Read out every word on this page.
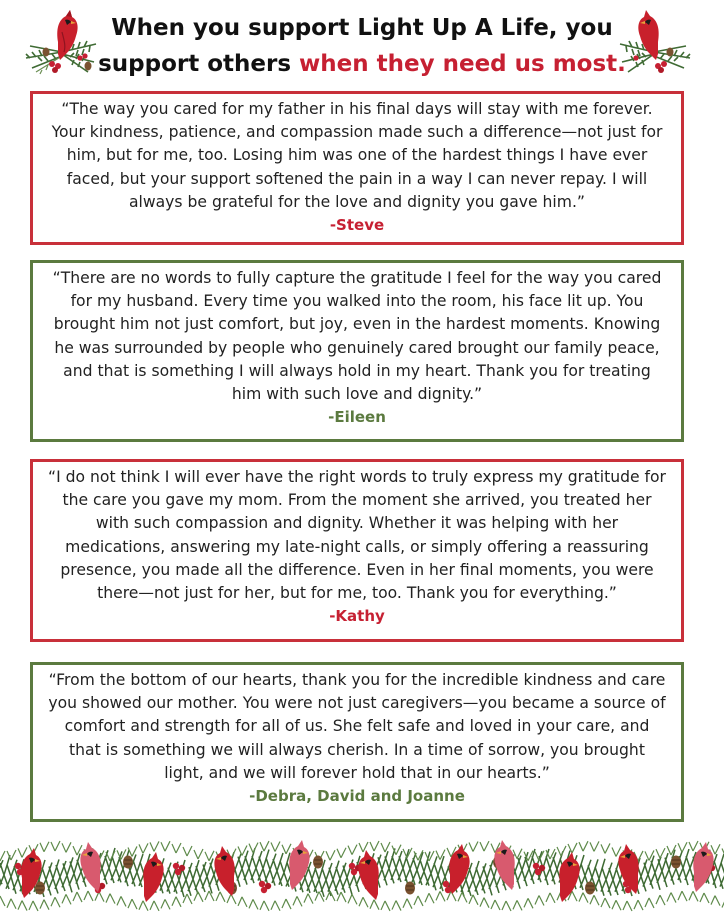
When you support Light Up A Life, you support others when they need us most.

“The way you cared for my father in his final days will stay with me forever. Your kindness, patience, and compassion made such a difference—not just for him, but for me, too. Losing him was one of the hardest things I have ever faced, but your support softened the pain in a way I can never repay. I will always be grateful for the love and dignity you gave him.”

-Steve

“There are no words to fully capture the gratitude I feel for the way you cared for my husband. Every time you walked into the room, his face lit up. You brought him not just comfort, but joy, even in the hardest moments. Knowing he was surrounded by people who genuinely cared brought our family peace, and that is something I will always hold in my heart. Thank you for treating him with such love and dignity.”

-Eileen

“I do not think I will ever have the right words to truly express my gratitude for the care you gave my mom. From the moment she arrived, you treated her with such compassion and dignity. Whether it was helping with her medications, answering my late-night calls, or simply offering a reassuring presence, you made all the difference. Even in her final moments, you were there—not just for her, but for me, too. Thank you for everything.”

-Kathy

“From the bottom of our hearts, thank you for the incredible kindness and care you showed our mother. You were not just caregivers—you became a source of comfort and strength for all of us. She felt safe and loved in your care, and that is something we will always cherish. In a time of sorrow, you brought light, and we will forever hold that in our hearts.”

-Debra, David and Joanne
